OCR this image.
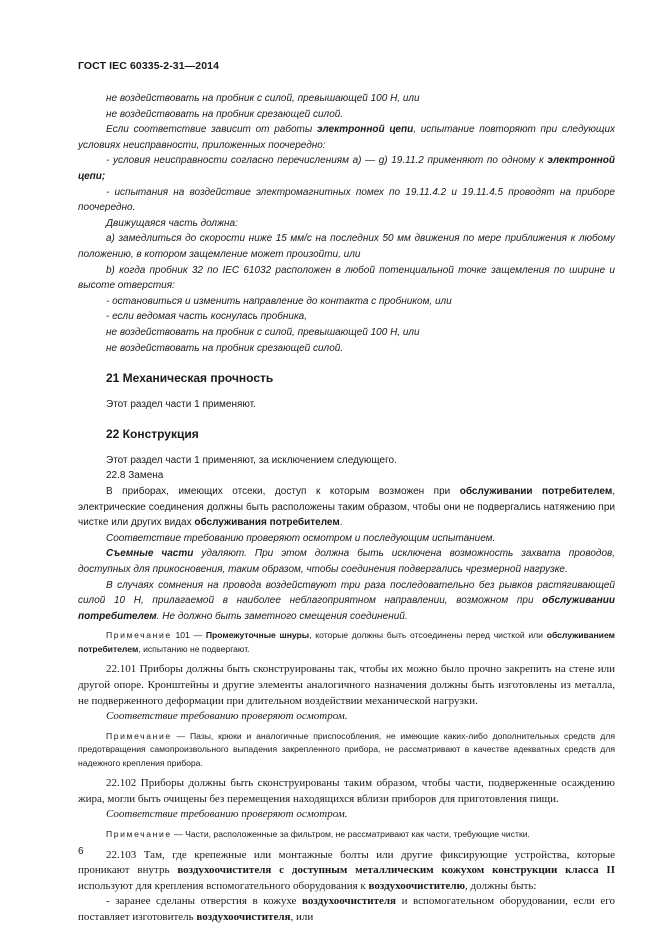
ГОСТ IEC 60335-2-31—2014

не воздействовать на пробник с силой, превышающей 100 Н, или

не воздействовать на пробник срезающей силой.

Если соответствие зависит от работы электронной цепи, испытание повторяют при следующих условиях неисправности, приложенных поочередно:

- условия неисправности согласно перечислениям a) — g) 19.11.2 применяют по одному к электронной цепи;

- испытания на воздействие электромагнитных помех по 19.11.4.2 и 19.11.4.5 проводят на приборе поочередно.

Движущаяся часть должна:

a) замедлиться до скорости ниже 15 мм/с на последних 50 мм движения по мере приближения к любому положению, в котором защемление может произойти, или

b) когда пробник 32 по IEC 61032 расположен в любой потенциальной точке защемления по ширине и высоте отверстия:

- остановиться и изменить направление до контакта с пробником, или

- если ведомая часть коснулась пробника,

не воздействовать на пробник с силой, превышающей 100 Н, или

не воздействовать на пробник срезающей силой.

21 Механическая прочность

Этот раздел части 1 применяют.

22 Конструкция

Этот раздел части 1 применяют, за исключением следующего.

22.8 Замена

В приборах, имеющих отсеки, доступ к которым возможен при обслуживании потребителем, электрические соединения должны быть расположены таким образом, чтобы они не подвергались натяжению при чистке или других видах обслуживания потребителем.

Соответствие требованию проверяют осмотром и последующим испытанием.

Съемные части удаляют. При этом должна быть исключена возможность захвата проводов, доступных для прикосновения, таким образом, чтобы соединения подвергались чрезмерной нагрузке.

В случаях сомнения на провода воздействуют три раза последовательно без рывков растягивающей силой 10 Н, прилагаемой в наиболее неблагоприятном направлении, возможном при обслуживании потребителем. Не должно быть заметного смещения соединений.

Примечание 101 — Промежуточные шнуры, которые должны быть отсоединены перед чисткой или обслуживанием потребителем, испытанию не подвергают.

22.101 Приборы должны быть сконструированы так, чтобы их можно было прочно закрепить на стене или другой опоре. Кронштейны и другие элементы аналогичного назначения должны быть изготовлены из металла, не подверженного деформации при длительном воздействии механической нагрузки.

Соответствие требованию проверяют осмотром.

Примечание — Пазы, крюки и аналогичные приспособления, не имеющие каких-либо дополнительных средств для предотвращения самопроизвольного выпадения закрепленного прибора, не рассматривают в качестве адекватных средств для надежного крепления прибора.

22.102 Приборы должны быть сконструированы таким образом, чтобы части, подверженные осаждению жира, могли быть очищены без перемещения находящихся вблизи приборов для приготовления пищи.

Соответствие требованию проверяют осмотром.

Примечание — Части, расположенные за фильтром, не рассматривают как части, требующие чистки.

22.103 Там, где крепежные или монтажные болты или другие фиксирующие устройства, которые проникают внутрь воздухоочистителя с доступным металлическим кожухом конструкции класса II используют для крепления вспомогательного оборудования к воздухоочистителю, должны быть:

- заранее сделаны отверстия в кожухе воздухоочистителя и вспомогательном оборудовании, если его поставляет изготовитель воздухоочистителя, или

6
